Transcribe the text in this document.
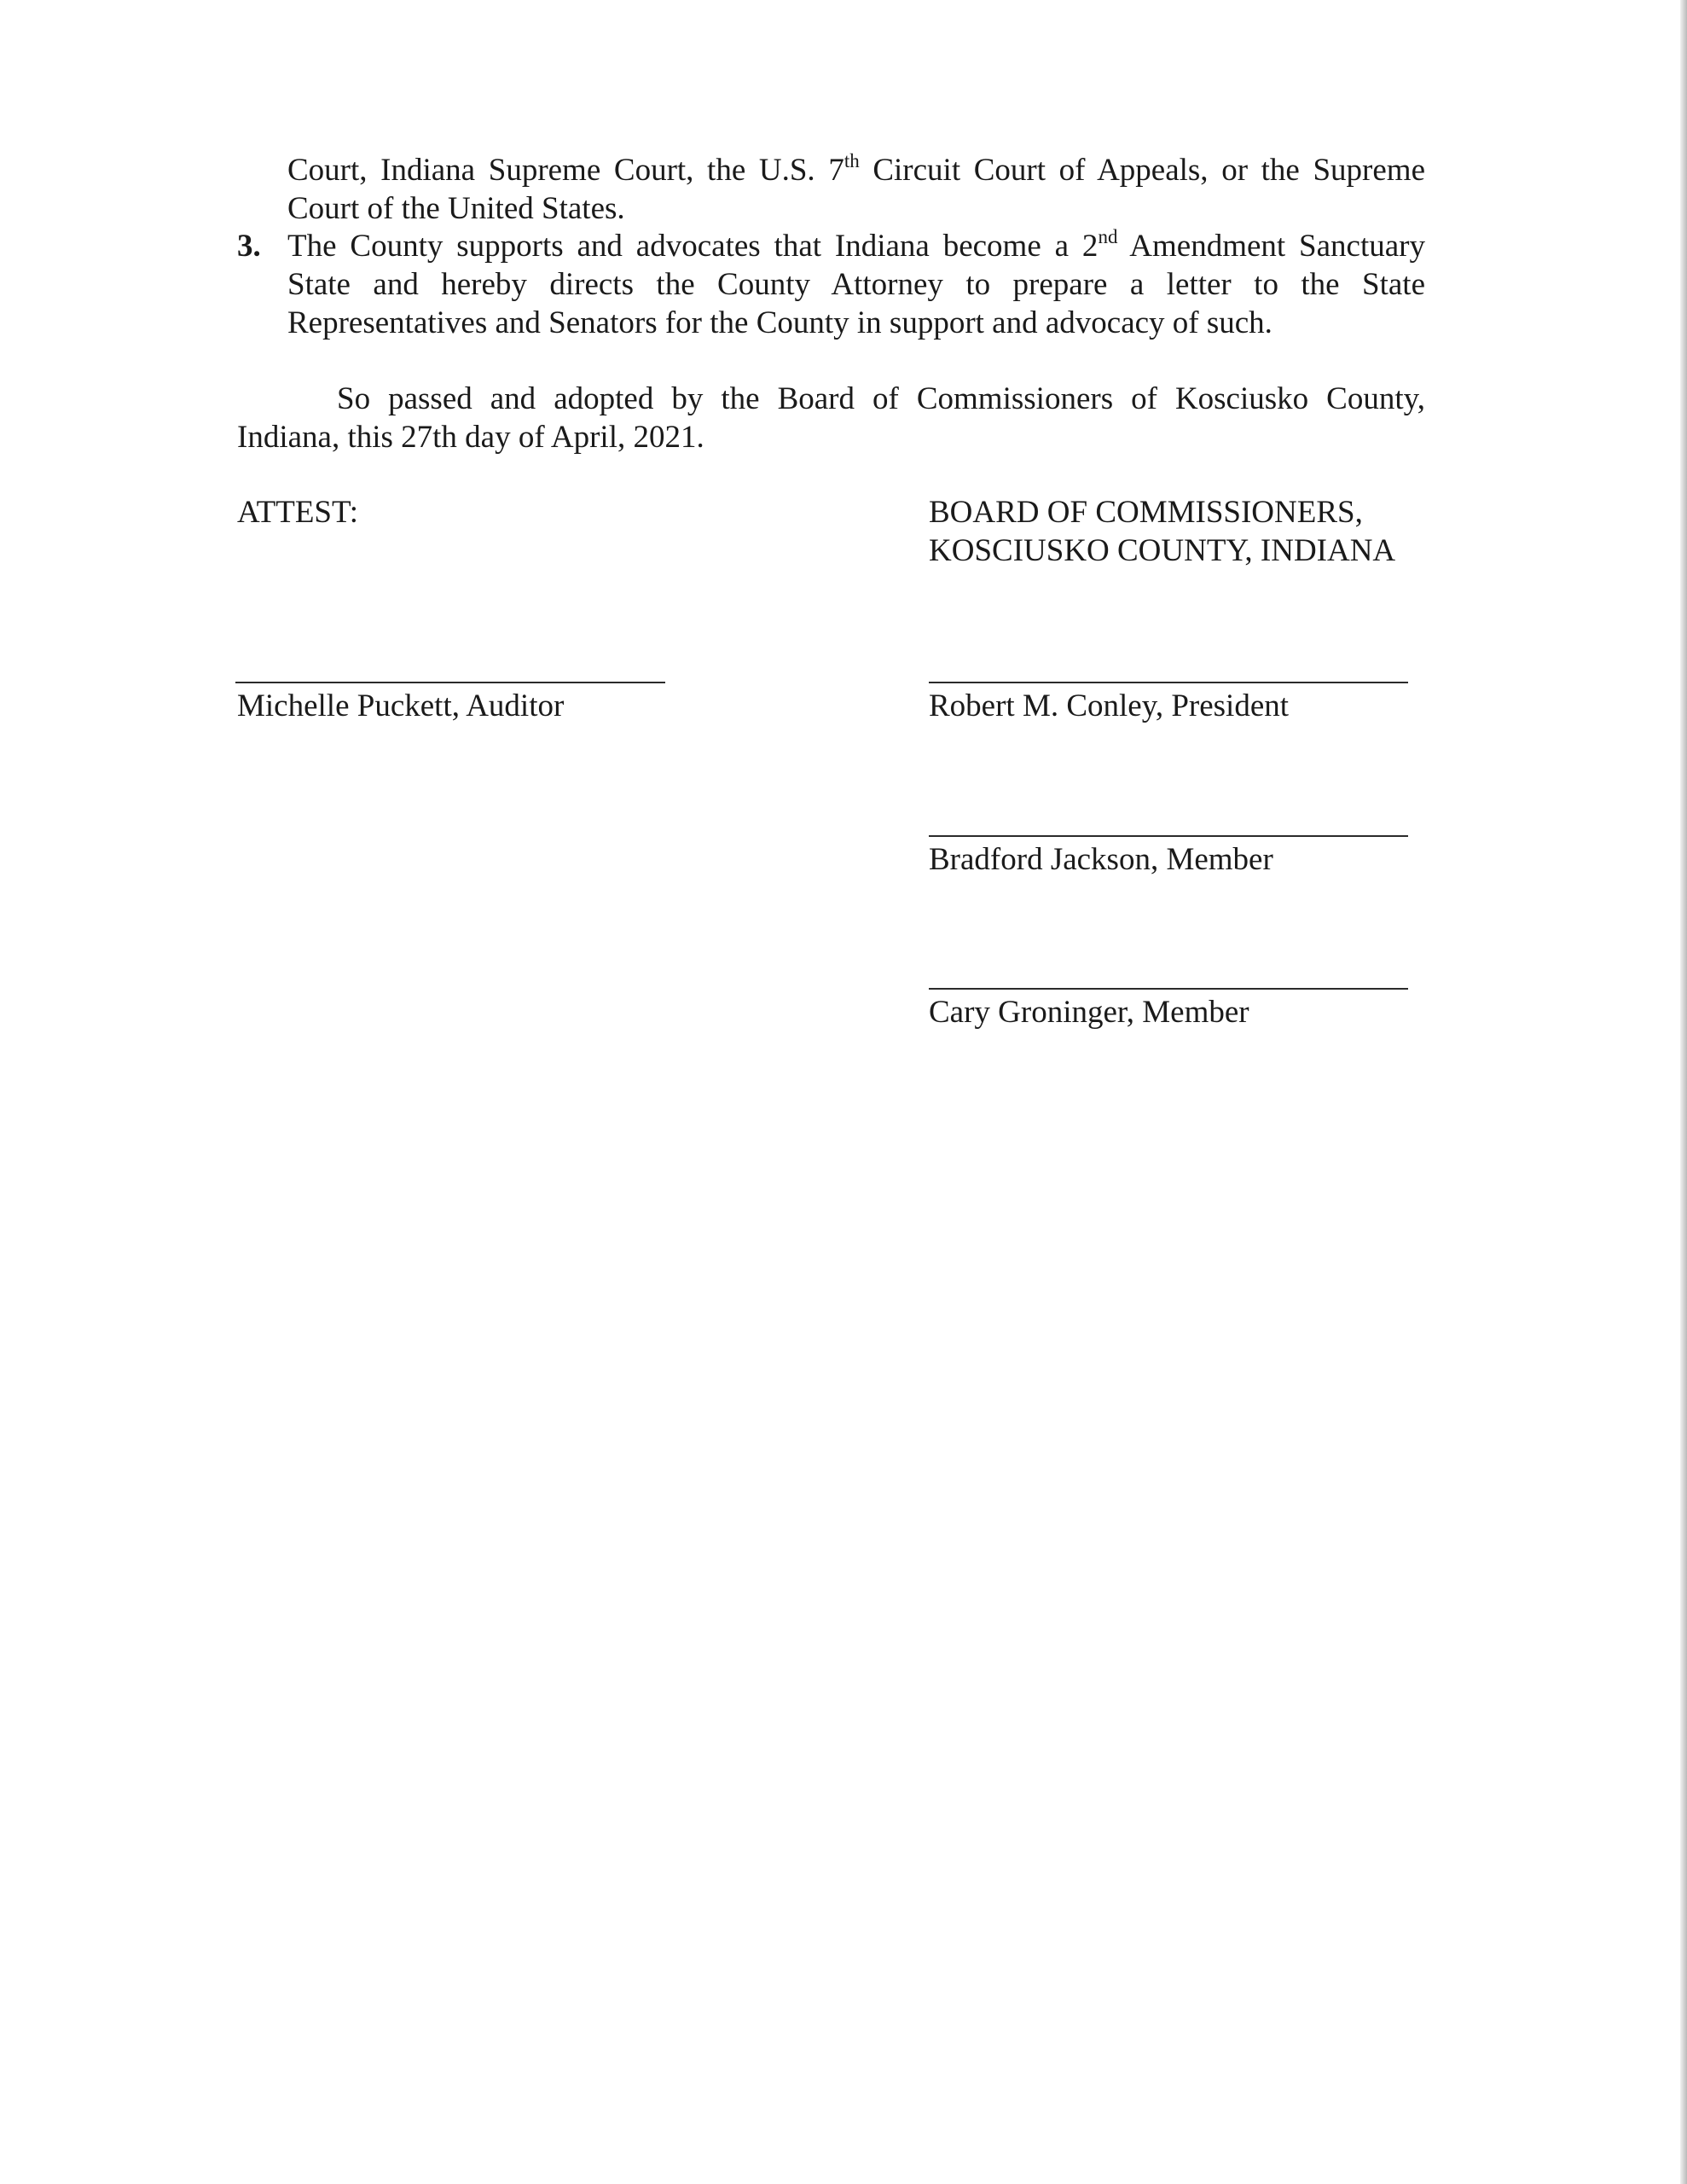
Court, Indiana Supreme Court, the U.S. 7th Circuit Court of Appeals, or the Supreme
Court of the United States.
3. The County supports and advocates that Indiana become a 2nd Amendment Sanctuary
State and hereby directs the County Attorney to prepare a letter to the State
Representatives and Senators for the County in support and advocacy of such.
So passed and adopted by the Board of Commissioners of Kosciusko County,
Indiana, this 27th day of April, 2021.
ATTEST:	BOARD OF COMMISSIONERS,
KOSCIUSKO COUNTY, INDIANA
Michelle Puckett, Auditor	Robert M. Conley, President
Bradford Jackson, Member
Cary Groninger, Member
